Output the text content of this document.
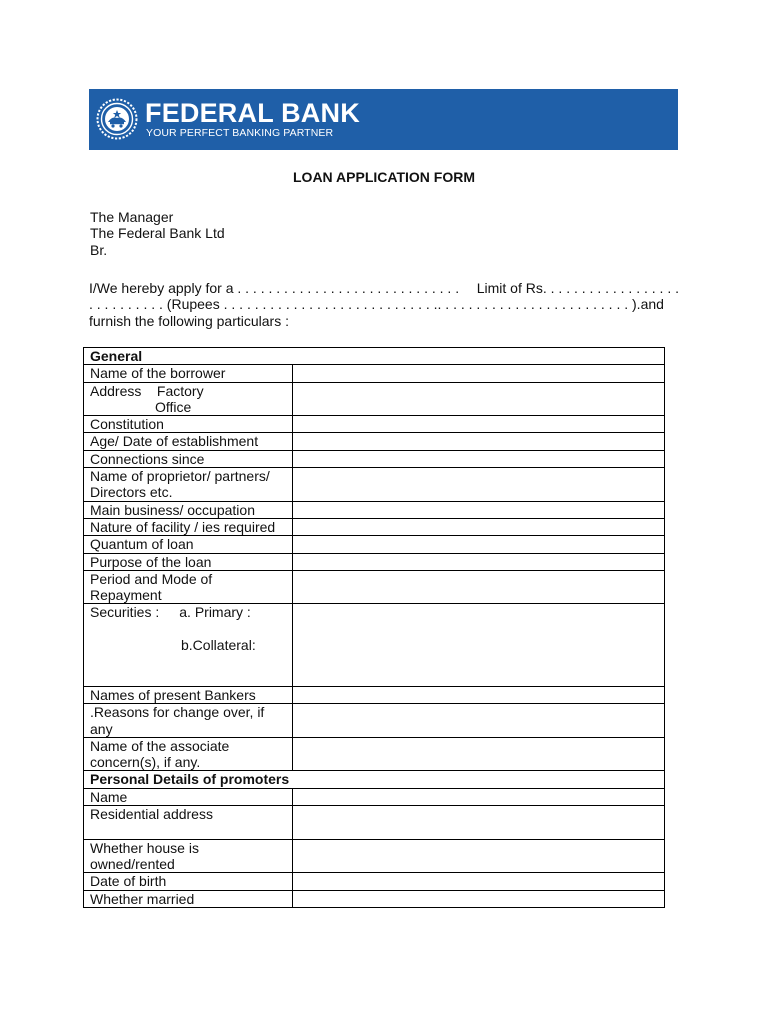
FEDERAL BANK
YOUR PERFECT BANKING PARTNER
LOAN APPLICATION FORM
The Manager
The Federal Bank Ltd
Br.
I/We hereby apply for a . . . . . . . . . . . . . . . . . . . . . . . . . . . . . Limit of Rs. . . . . . . . . . . . . . . . . .
. . . . . . . . . . (Rupees . . . . . . . . . . . . . . . . . . . . . . . . . . . .. . . . . . . . . . . . . . . . . . . . . . . . . ).and
furnish the following particulars :
General	
Name of the borrower	

Address Factory
Office	

Constitution	
Age/ Date of establishment	
Connections since	

Name of proprietor/ partners/
Directors etc.	

Main business/ occupation	
Nature of facility / ies required	
Quantum of loan	
Purpose of the loan	

Period and Mode of
Repayment	

Securities : a. Primary :
b.Collateral:	

Names of present Bankers	

.Reasons for change over, if
any	

Name of the associate
concern(s), if any.	

Personal Details of promoters	
Name	

Residential address	

Whether house is
owned/rented	

Date of birth	
Whether married	
